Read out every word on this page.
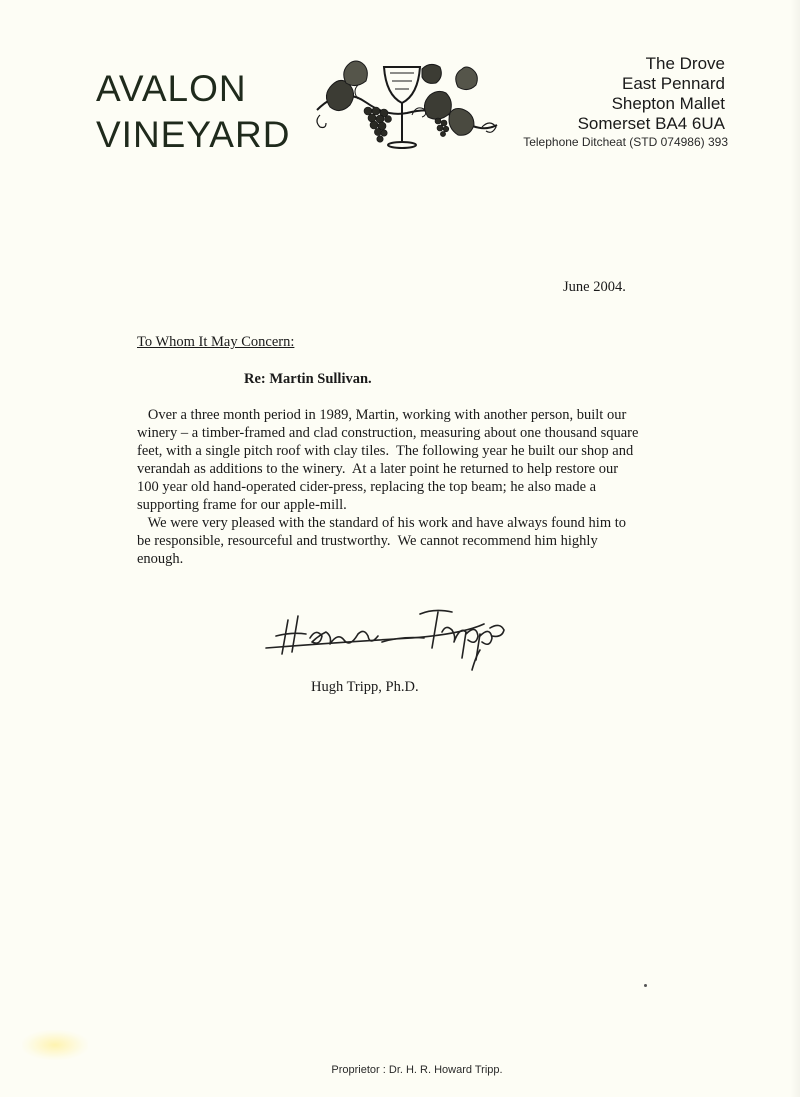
AVALON
VINEYARD
The Drove
East Pennard
Shepton Mallet
Somerset BA4 6UA
Telephone Ditcheat (STD 074986) 393
June 2004.
To Whom It May Concern:
Re: Martin Sullivan.
Over a three month period in 1989, Martin, working with another person, built our
winery – a timber-framed and clad construction, measuring about one thousand square
feet, with a single pitch roof with clay tiles.  The following year he built our shop and
verandah as additions to the winery.  At a later point he returned to help restore our
100 year old hand-operated cider-press, replacing the top beam; he also made a
supporting frame for our apple-mill.
We were very pleased with the standard of his work and have always found him to
be responsible, resourceful and trustworthy.  We cannot recommend him highly
enough.
Hugh Tripp, Ph.D.
Proprietor : Dr. H. R. Howard Tripp.
